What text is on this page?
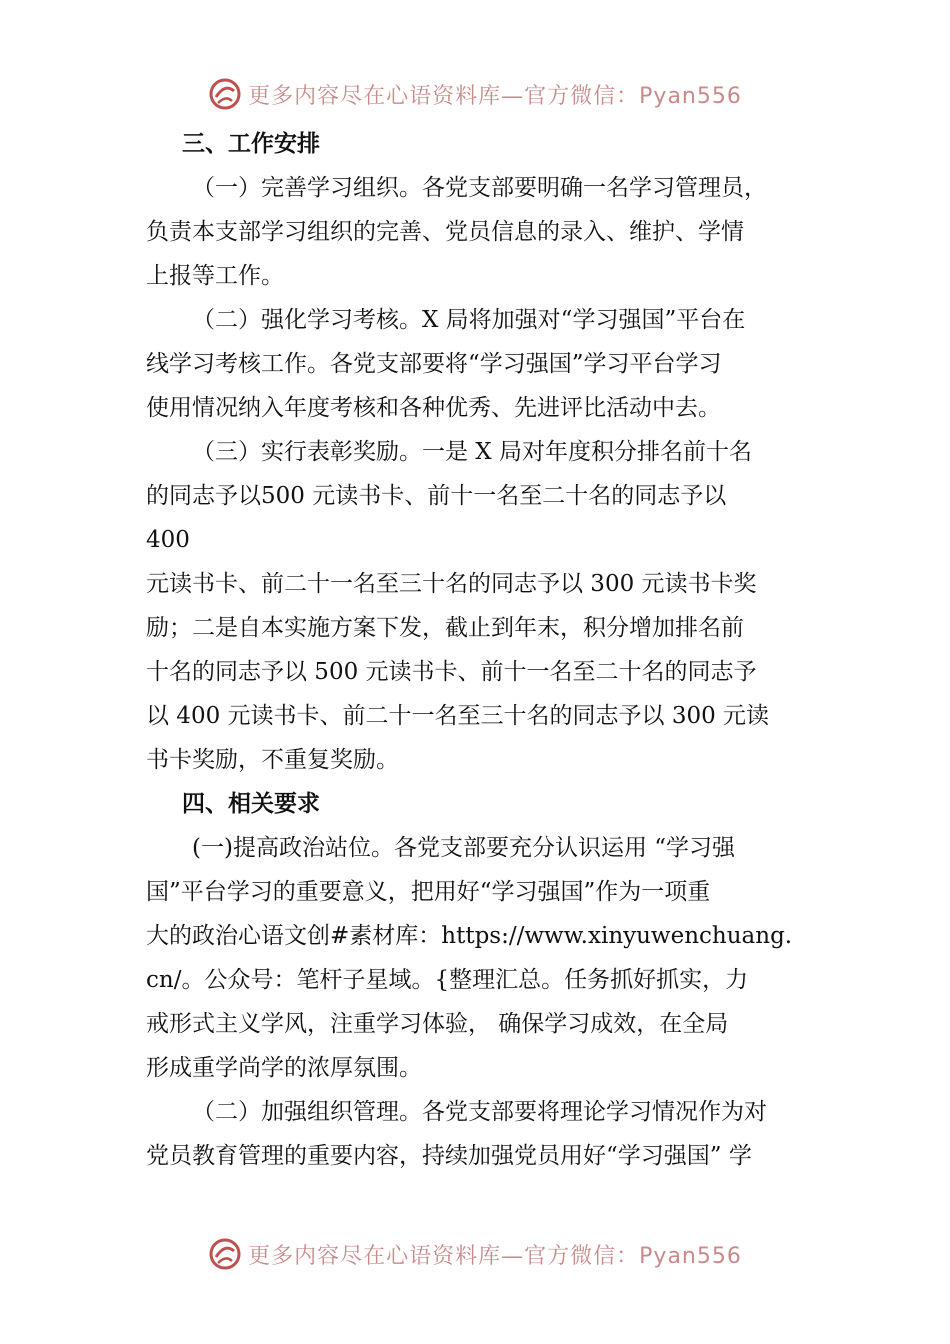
更多内容尽在心语资料库—官方微信：Pyan556
三、工作安排
（一）完善学习组织。各党支部要明确一名学习管理员，
负责本支部学习组织的完善、党员信息的录入、维护、学情
上报等工作。
（二）强化学习考核。X 局将加强对“学习强国”平台在
线学习考核工作。各党支部要将“学习强国”学习平台学习
使用情况纳入年度考核和各种优秀、先进评比活动中去。
（三）实行表彰奖励。一是 X 局对年度积分排名前十名
的同志予以500 元读书卡、前十一名至二十名的同志予以
400
元读书卡、前二十一名至三十名的同志予以 300 元读书卡奖
励；二是自本实施方案下发，截止到年末，积分增加排名前
十名的同志予以 500 元读书卡、前十一名至二十名的同志予
以 400 元读书卡、前二十一名至三十名的同志予以 300 元读
书卡奖励，不重复奖励。
四、相关要求
(一)提高政治站位。各党支部要充分认识运用 “学习强
国”平台学习的重要意义，把用好“学习强国”作为一项重
大的政治心语文创#素材库：https://www.xinyuwenchuang.
cn/。公众号：笔杆子星域。{整理汇总。任务抓好抓实，力
戒形式主义学风，注重学习体验， 确保学习成效，在全局
形成重学尚学的浓厚氛围。
（二）加强组织管理。各党支部要将理论学习情况作为对
党员教育管理的重要内容，持续加强党员用好“学习强国” 学
更多内容尽在心语资料库—官方微信：Pyan556
